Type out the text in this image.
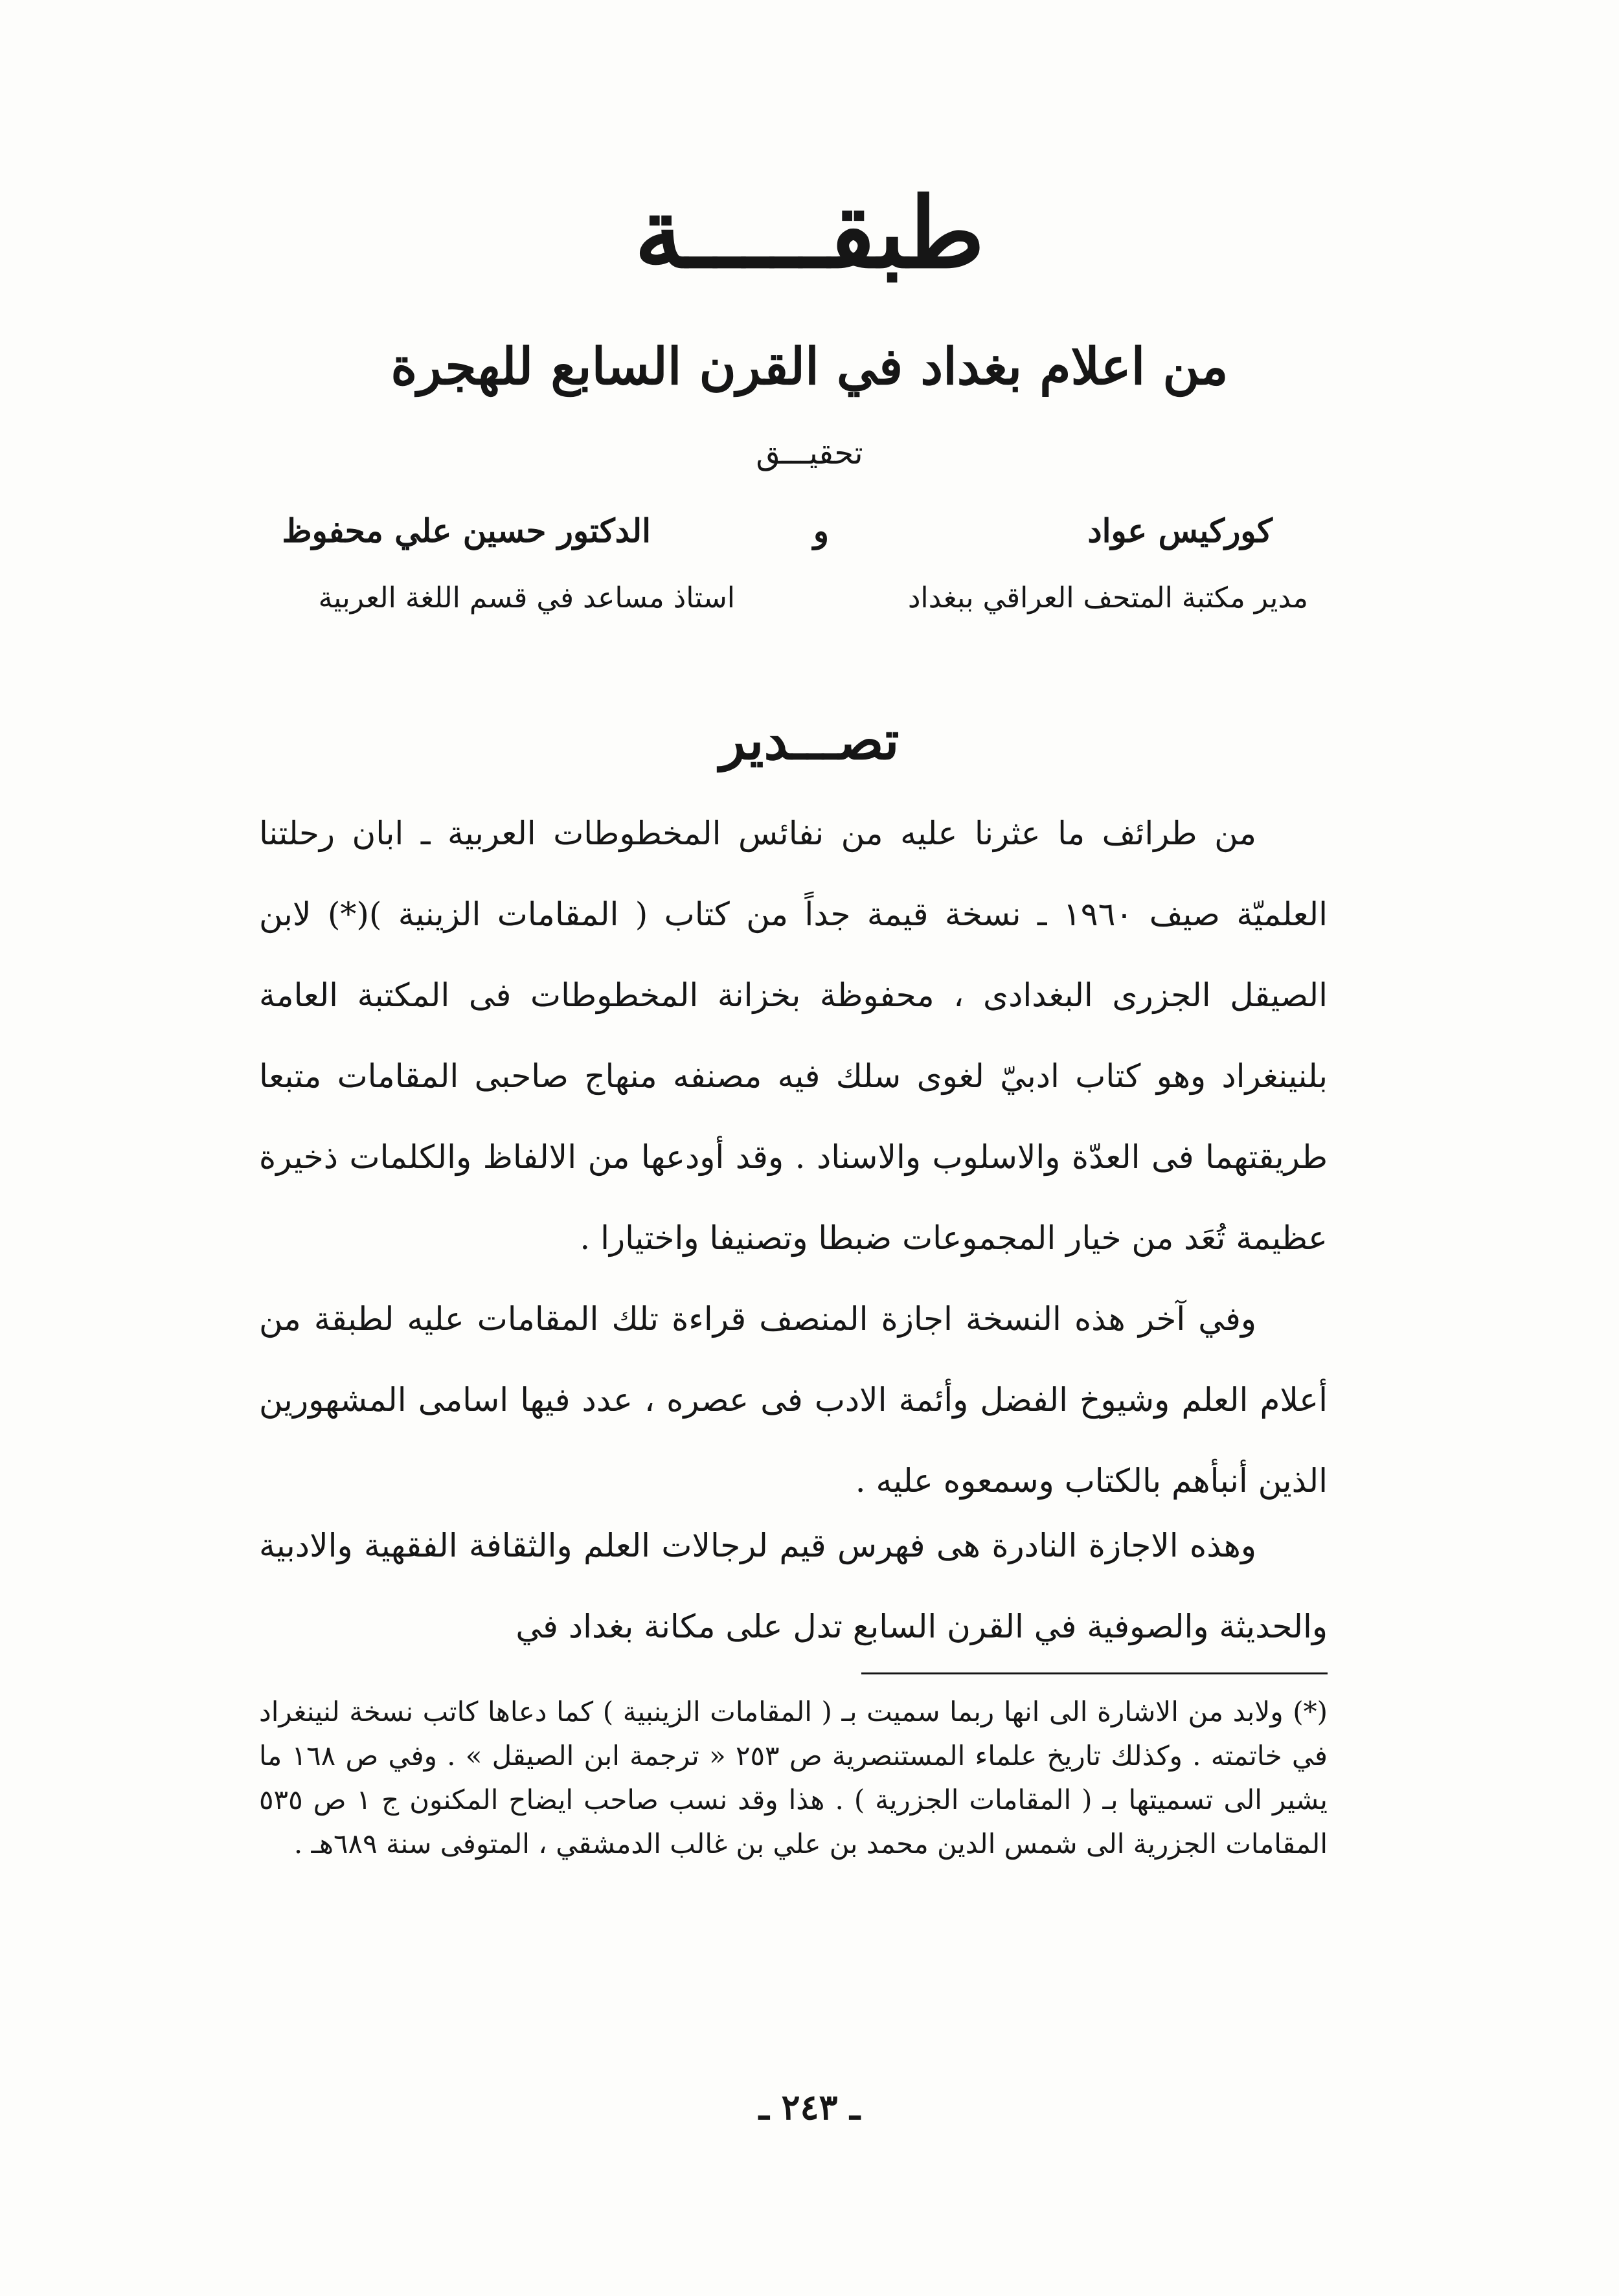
طبقـــــة
من اعلام بغداد في القرن السابع للهجرة
تحقيـــق
كوركيس عواد
و
الدكتور حسين علي محفوظ
مدير مكتبة المتحف العراقي ببغداد
استاذ مساعد في قسم اللغة العربية
تصـــدير

من طرائف ما عثرنا عليه من نفائس المخطوطات العربية ـ ابان رحلتنا العلميّة صيف ١٩٦٠ ـ نسخة قيمة جداً من كتاب ( المقامات الزينية )(*) لابن الصيقل الجزرى البغدادى ، محفوظة بخزانة المخطوطات فى المكتبة العامة بلنينغراد وهو كتاب ادبيّ لغوى سلك فيه مصنفه منهاج صاحبى المقامات متبعا طريقتهما فى العدّة والاسلوب والاسناد . وقد أودعها من الالفاظ والكلمات ذخيرة عظيمة تُعَد من خيار المجموعات ضبطا وتصنيفا واختيارا .

وفي آخر هذه النسخة اجازة المنصف قراءة تلك المقامات عليه لطبقة من أعلام العلم وشيوخ الفضل وأئمة الادب فى عصره ، عدد فيها اسامى المشهورين الذين أنبأهم بالكتاب وسمعوه عليه .

وهذه الاجازة النادرة هى فهرس قيم لرجالات العلم والثقافة الفقهية والادبية والحديثة والصوفية في القرن السابع تدل على مكانة بغداد في

(*) ولابد من الاشارة الى انها ربما سميت بـ ( المقامات الزينبية ) كما دعاها كاتب نسخة لنينغراد في خاتمته . وكذلك تاريخ علماء المستنصرية ص ٢٥٣ « ترجمة ابن الصيقل » . وفي ص ١٦٨ ما يشير الى تسميتها بـ ( المقامات الجزرية ) . هذا وقد نسب صاحب ايضاح المكنون ج ١ ص ٥٣٥ المقامات الجزرية الى شمس الدين محمد بن علي بن غالب الدمشقي ، المتوفى سنة ٦٨٩هـ .

ـ ٢٤٣ ـ
